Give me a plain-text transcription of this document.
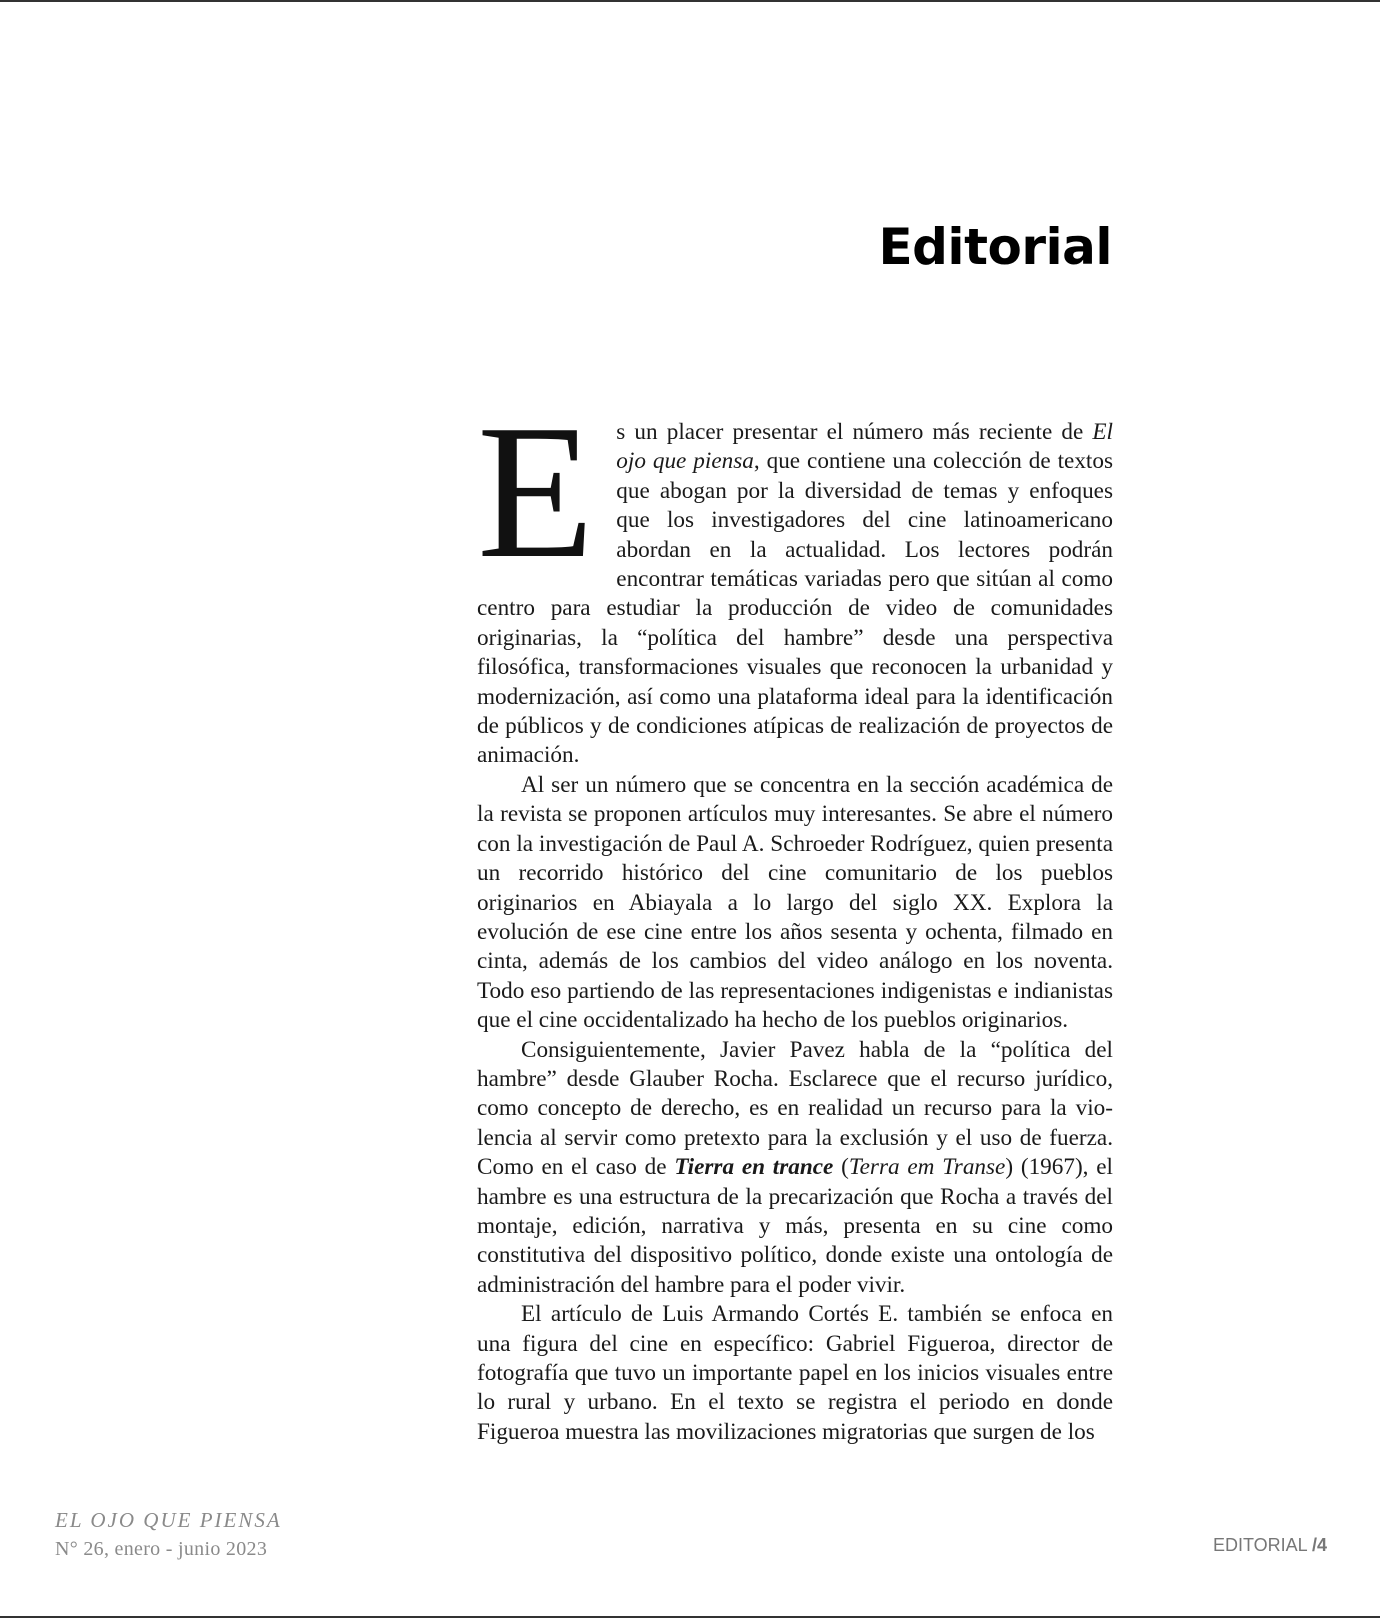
Editorial

Es un placer presentar el número más reciente de El ojo que piensa, que contiene una colección de textos que abogan por la diversidad de temas y enfoques que los investigadores del cine latinoamericano abordan en la actualidad. Los lectores podrán encontrar temáticas variadas pero que sitúan al como centro para estudiar la producción de video de comunidades originarias, la “política del hambre” desde una perspectiva filosófica, transformaciones visuales que reconocen la urbanidad y modernización, así como una plataforma ideal para la identificación de públicos y de condiciones atípicas de realización de proyectos de animación.

Al ser un número que se concentra en la sección académica de la revista se proponen artículos muy interesantes. Se abre el número con la investigación de Paul A. Schroeder Rodríguez, quien presenta un recorrido histórico del cine comunitario de los pueblos originarios en Abiayala a lo largo del siglo XX. Explora la evolución de ese cine entre los años sesenta y ochenta, filmado en cinta, además de los cambios del video análogo en los noventa. Todo eso partiendo de las representaciones indigenistas e indianistas que el cine occidentalizado ha hecho de los pueblos originarios.

Consiguientemente, Javier Pavez habla de la “política del hambre” desde Glauber Rocha. Esclarece que el recurso jurídico, como concepto de derecho, es en realidad un recurso para la violencia al servir como pretexto para la exclusión y el uso de fuerza. Como en el caso de Tierra en trance (Terra em Transe) (1967), el hambre es una estructura de la precarización que Rocha a través del montaje, edición, narrativa y más, presenta en su cine como constitutiva del dispositivo político, donde existe una ontología de administración del hambre para el poder vivir.

El artículo de Luis Armando Cortés E. también se enfoca en una figura del cine en específico: Gabriel Figueroa, director de fotografía que tuvo un importante papel en los inicios visuales entre lo rural y urbano. En el texto se registra el periodo en donde Figueroa muestra las movilizaciones migratorias que surgen de los

EL OJO QUE PIENSA
N° 26, enero - junio 2023	EDITORIAL /4
